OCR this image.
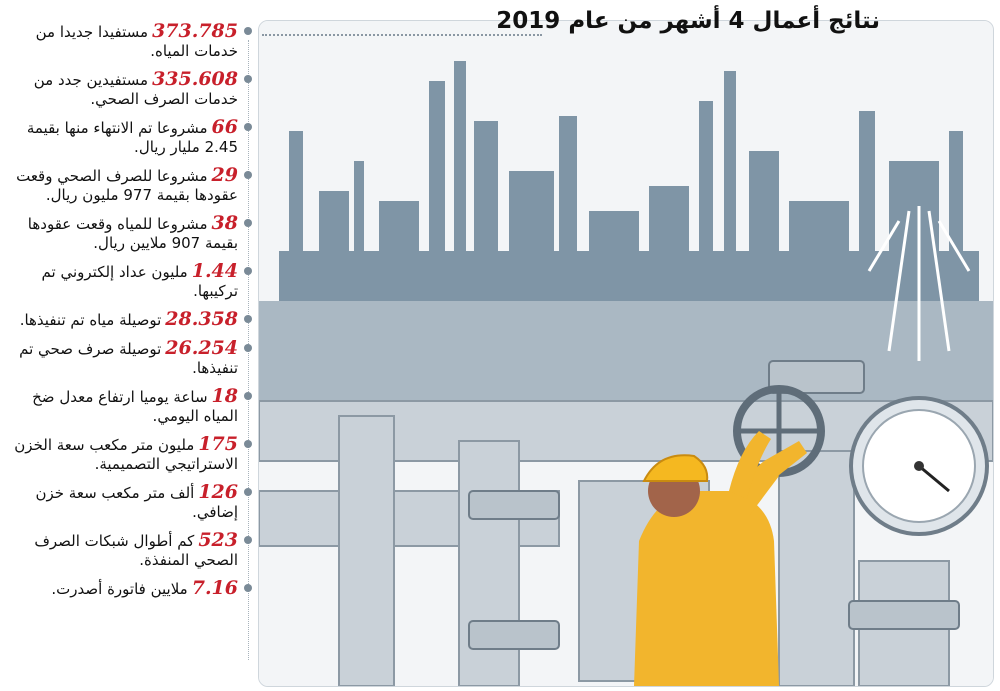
نتائج أعمال 4 أشهر من عام 2019
373.785مستفيدا جديدا من خدمات المياه.
335.608مستفيدين جدد من خدمات الصرف الصحي.
66مشروعا تم الانتهاء منها بقيمة 2.45 مليار ريال.
29مشروعا للصرف الصحي وقعت عقودها بقيمة 977 مليون ريال.
38مشروعا للمياه وقعت عقودها بقيمة 907 ملايين ريال.
1.44مليون عداد إلكتروني تم تركيبها.
28.358توصيلة مياه تم تنفيذها.
26.254توصيلة صرف صحي تم تنفيذها.
18ساعة يوميا ارتفاع معدل ضخ المياه اليومي.
175مليون متر مكعب سعة الخزن الاستراتيجي التصميمية.
126ألف متر مكعب سعة خزن إضافي.
523كم أطوال شبكات الصرف الصحي المنفذة.
7.16ملايين فاتورة أصدرت.
